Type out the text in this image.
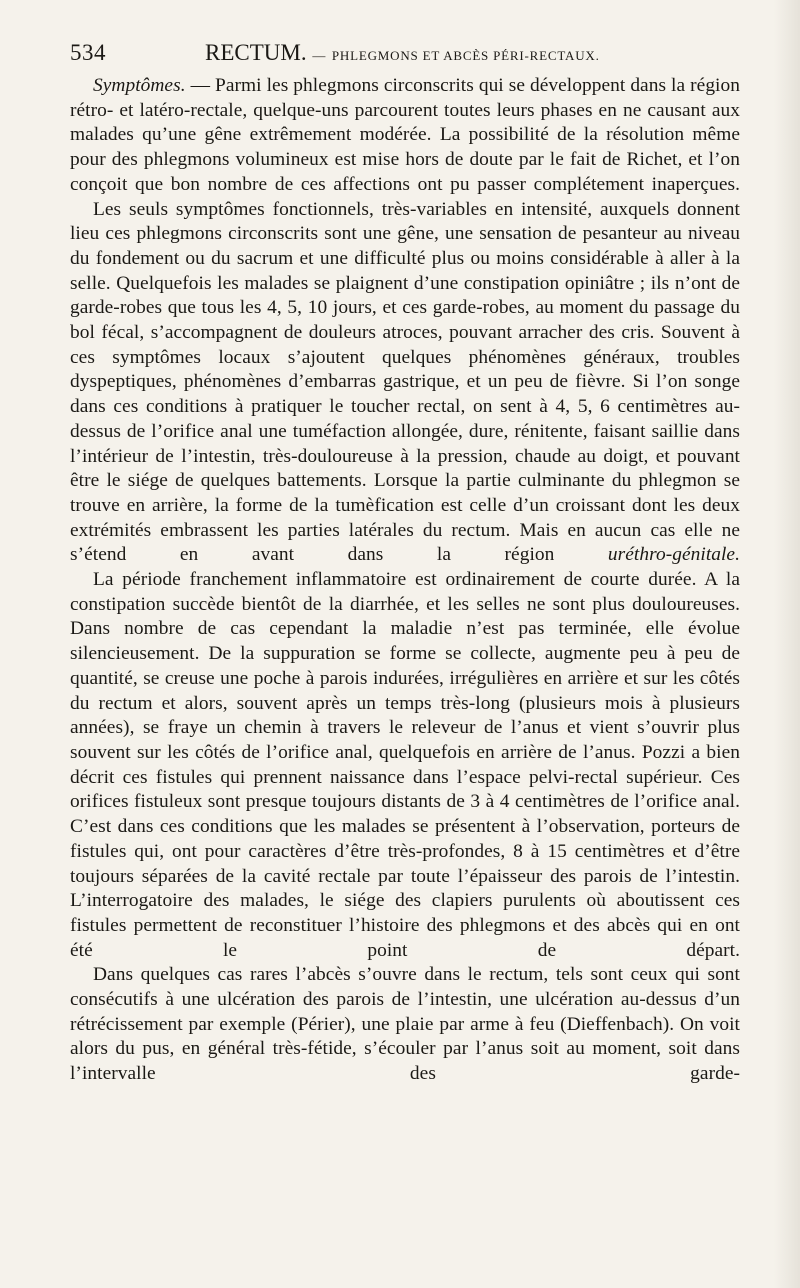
534	RECTUM. — PHLEGMONS ET ABCÈS PÉRI-RECTAUX.

Symptômes. — Parmi les phlegmons circonscrits qui se développent dans la région rétro- et latéro-rectale, quelque-uns parcourent toutes leurs phases en ne causant aux malades qu’une gêne extrêmement modérée. La possibilité de la résolution même pour des phlegmons volumineux est mise hors de doute par le fait de Richet, et l’on conçoit que bon nombre de ces affections ont pu passer complétement inaperçues.

Les seuls symptômes fonctionnels, très-variables en intensité, auxquels donnent lieu ces phlegmons circonscrits sont une gêne, une sensation de pesanteur au niveau du fondement ou du sacrum et une difficulté plus ou moins considérable à aller à la selle. Quelquefois les malades se plaignent d’une constipation opiniâtre ; ils n’ont de garde-robes que tous les 4, 5, 10 jours, et ces garde-robes, au moment du passage du bol fécal, s’accompagnent de douleurs atroces, pouvant arracher des cris. Souvent à ces symptômes locaux s’ajoutent quelques phénomènes généraux, troubles dyspeptiques, phénomènes d’embarras gastrique, et un peu de fièvre. Si l’on songe dans ces conditions à pratiquer le toucher rectal, on sent à 4, 5, 6 centimètres au-dessus de l’orifice anal une tuméfaction allongée, dure, rénitente, faisant saillie dans l’intérieur de l’intestin, très-douloureuse à la pression, chaude au doigt, et pouvant être le siége de quelques battements. Lorsque la partie culminante du phlegmon se trouve en arrière, la forme de la tumèfication est celle d’un croissant dont les deux extrémités embrassent les parties latérales du rectum. Mais en aucun cas elle ne s’étend en avant dans la région uréthro-génitale.

La période franchement inflammatoire est ordinairement de courte durée. A la constipation succède bientôt de la diarrhée, et les selles ne sont plus douloureuses. Dans nombre de cas cependant la maladie n’est pas terminée, elle évolue silencieusement. De la suppuration se forme se collecte, augmente peu à peu de quantité, se creuse une poche à parois indurées, irrégulières en arrière et sur les côtés du rectum et alors, souvent après un temps très-long (plusieurs mois à plusieurs années), se fraye un chemin à travers le releveur de l’anus et vient s’ouvrir plus souvent sur les côtés de l’orifice anal, quelquefois en arrière de l’anus. Pozzi a bien décrit ces fistules qui prennent naissance dans l’espace pelvi-rectal supérieur. Ces orifices fistuleux sont presque toujours distants de 3 à 4 centimètres de l’orifice anal. C’est dans ces conditions que les malades se présentent à l’observation, porteurs de fistules qui, ont pour caractères d’être très-profondes, 8 à 15 centimètres et d’être toujours séparées de la cavité rectale par toute l’épaisseur des parois de l’intestin. L’interrogatoire des malades, le siége des clapiers purulents où aboutissent ces fistules permettent de reconstituer l’histoire des phlegmons et des abcès qui en ont été le point de départ.

Dans quelques cas rares l’abcès s’ouvre dans le rectum, tels sont ceux qui sont consécutifs à une ulcération des parois de l’intestin, une ulcération au-dessus d’un rétrécissement par exemple (Périer), une plaie par arme à feu (Dieffenbach). On voit alors du pus, en général très-fétide, s’écouler par l’anus soit au moment, soit dans l’intervalle des garde-
